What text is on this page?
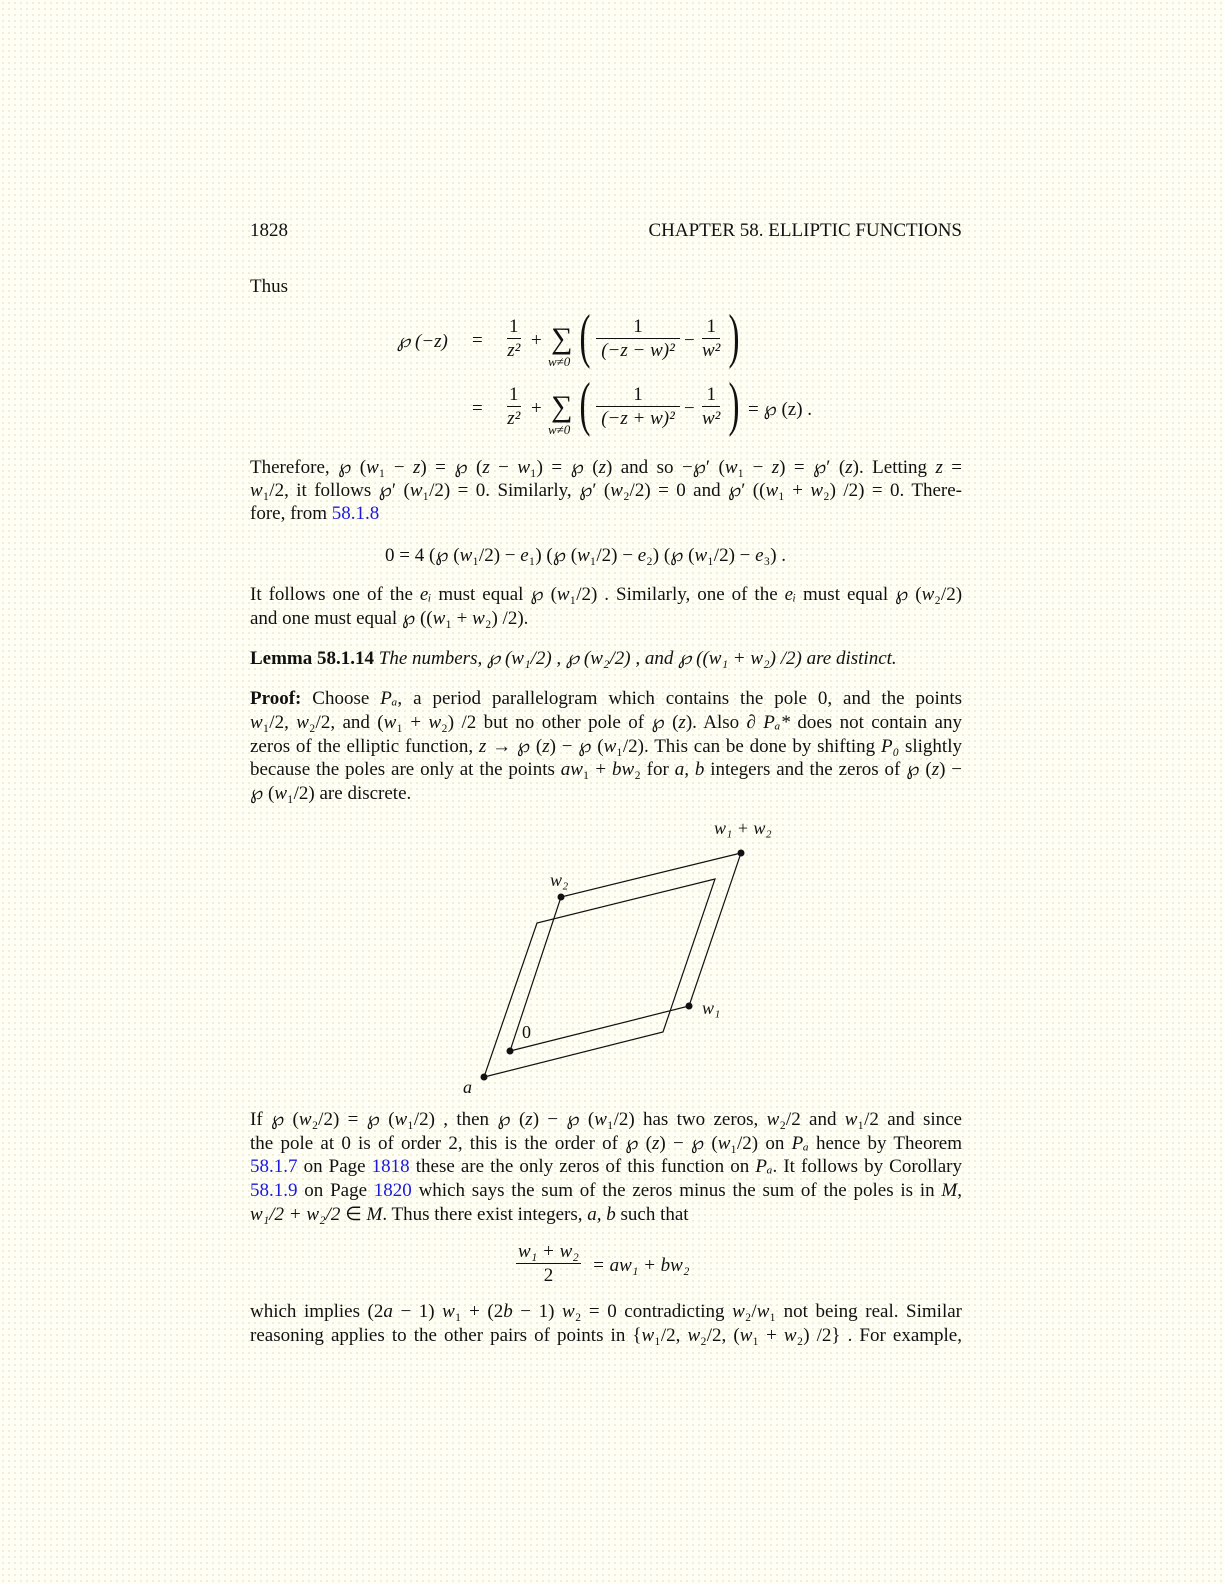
1828	CHAPTER 58. ELLIPTIC FUNCTIONS
Thus
℘ (−z) =
=
$\frac{1}{\text{z²}}$ + ∑
w≠0 ( $\frac{1}{\text{(−z − w)²}} - \frac{1}{\text{w²}}$ )
$\frac{1}{\text{z²}}$ + ∑
w≠0 ( $\frac{1}{\text{(−z + w)²}} - \frac{1}{\text{w²}}$ ) = ℘ (z) .
Therefore, ℘ (w₁ − z) = ℘ (z − w₁) = ℘ (z) and so −℘′ (w₁ − z) = ℘′ (z). Letting z =
w₁/2, it follows ℘′ (w₁/2) = 0. Similarly, ℘′ (w₂/2) = 0 and ℘′ ((w₁ + w₂) /2) = 0. There-
fore, from 58.1.8
0 = 4 (℘ (w₁/2) − e₁) (℘ (w₁/2) − e₂) (℘ (w₁/2) − e₃) .
It follows one of the eᵢ must equal ℘ (w₁/2) . Similarly, one of the eᵢ must equal ℘ (w₂/2)
and one must equal ℘ ((w₁ + w₂) /2).
Lemma 58.1.14 The numbers, ℘ (w₁/2) , ℘ (w₂/2) , and ℘ ((w₁ + w₂) /2) are distinct.
Proof: Choose Pₐ, a period parallelogram which contains the pole 0, and the points
w₁/2, w₂/2, and (w₁ + w₂) /2 but no other pole of ℘ (z). Also ∂ Pₐ* does not contain any
zeros of the elliptic function, z → ℘ (z) − ℘ (w₁/2). This can be done by shifting P₀ slightly
because the poles are only at the points aw₁ + bw₂ for a, b integers and the zeros of ℘ (z) −
℘ (w₁/2) are discrete.
w₁ + w₂
w₂
w₁
0
a
If ℘ (w₂/2) = ℘ (w₁/2) , then ℘ (z) − ℘ (w₁/2) has two zeros, w₂/2 and w₁/2 and since
the pole at 0 is of order 2, this is the order of ℘ (z) − ℘ (w₁/2) on Pₐ hence by Theorem
58.1.7 on Page 1818 these are the only zeros of this function on Pₐ. It follows by Corollary
58.1.9 on Page 1820 which says the sum of the zeros minus the sum of the poles is in M,
w₁/2 + w₂/2 ∈ M. Thus there exist integers, a, b such that
$\frac{\text{w₁ + w₂}}{2} = aw_1 + bw_2$
which implies (2a − 1) w₁ + (2b − 1) w₂ = 0 contradicting w₂/w₁ not being real. Similar
reasoning applies to the other pairs of points in {w₁/2, w₂/2, (w₁ + w₂) /2} . For example,
